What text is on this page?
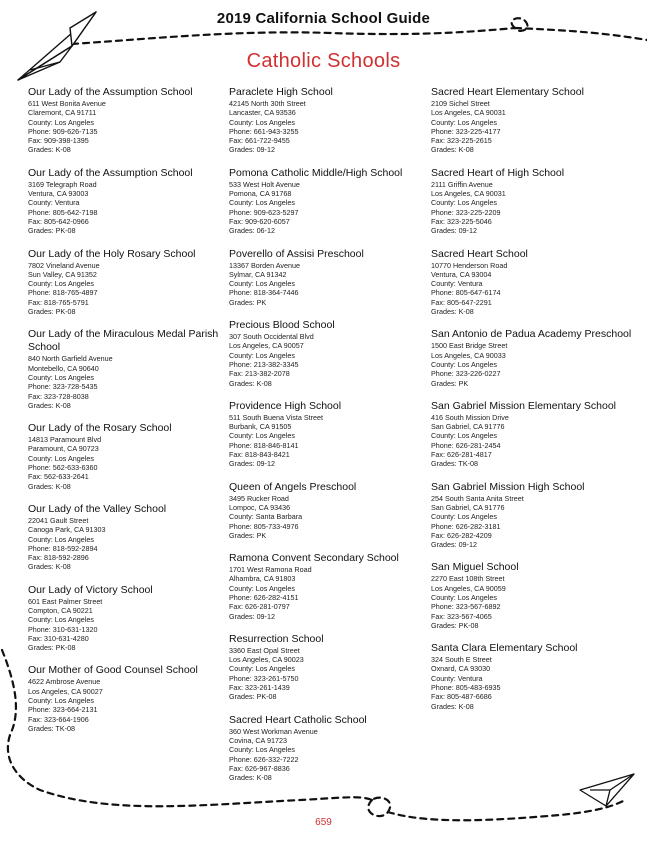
2019 California School Guide
Catholic Schools
Our Lady of the Assumption School
611 West Bonita Avenue
Claremont, CA 91711
County: Los Angeles
Phone: 909-626-7135
Fax: 909-398-1395
Grades: K-08
Our Lady of the Assumption School
3169 Telegraph Road
Ventura, CA 93003
County: Ventura
Phone: 805-642-7198
Fax: 805-642-0966
Grades: PK-08
Our Lady of the Holy Rosary School
7802 Vineland Avenue
Sun Valley, CA 91352
County: Los Angeles
Phone: 818-765-4897
Fax: 818-765-5791
Grades: PK-08
Our Lady of the Miraculous Medal Parish School
840 North Garfield Avenue
Montebello, CA 90640
County: Los Angeles
Phone: 323-728-5435
Fax: 323-728-8038
Grades: K-08
Our Lady of the Rosary School
14813 Paramount Blvd
Paramount, CA 90723
County: Los Angeles
Phone: 562-633-6360
Fax: 562-633-2641
Grades: K-08
Our Lady of the Valley School
22041 Gault Street
Canoga Park, CA 91303
County: Los Angeles
Phone: 818-592-2894
Fax: 818-592-2896
Grades: K-08
Our Lady of Victory School
601 East Palmer Street
Compton, CA 90221
County: Los Angeles
Phone: 310-631-1320
Fax: 310-631-4280
Grades: PK-08
Our Mother of Good Counsel School
4622 Ambrose Avenue
Los Angeles, CA 90027
County: Los Angeles
Phone: 323-664-2131
Fax: 323-664-1906
Grades: TK-08
Paraclete High School
42145 North 30th Street
Lancaster, CA 93536
County: Los Angeles
Phone: 661-943-3255
Fax: 661-722-9455
Grades: 09-12
Pomona Catholic Middle/High School
533 West Holt Avenue
Pomona, CA 91768
County: Los Angeles
Phone: 909-623-5297
Fax: 909-620-6057
Grades: 06-12
Poverello of Assisi Preschool
13367 Borden Avenue
Sylmar, CA 91342
County: Los Angeles
Phone: 818-364-7446
Grades: PK
Precious Blood School
307 South Occidental Blvd
Los Angeles, CA 90057
County: Los Angeles
Phone: 213-382-3345
Fax: 213-382-2078
Grades: K-08
Providence High School
511 South Buena Vista Street
Burbank, CA 91505
County: Los Angeles
Phone: 818-846-8141
Fax: 818-843-8421
Grades: 09-12
Queen of Angels Preschool
3495 Rucker Road
Lompoc, CA 93436
County: Santa Barbara
Phone: 805-733-4976
Grades: PK
Ramona Convent Secondary School
1701 West Ramona Road
Alhambra, CA 91803
County: Los Angeles
Phone: 626-282-4151
Fax: 626-281-0797
Grades: 09-12
Resurrection School
3360 East Opal Street
Los Angeles, CA 90023
County: Los Angeles
Phone: 323-261-5750
Fax: 323-261-1439
Grades: PK-08
Sacred Heart Catholic School
360 West Workman Avenue
Covina, CA 91723
County: Los Angeles
Phone: 626-332-7222
Fax: 626-967-8836
Grades: K-08
Sacred Heart Elementary School
2109 Sichel Street
Los Angeles, CA 90031
County: Los Angeles
Phone: 323-225-4177
Fax: 323-225-2615
Grades: K-08
Sacred Heart of High School
2111 Griffin Avenue
Los Angeles, CA 90031
County: Los Angeles
Phone: 323-225-2209
Fax: 323-225-5046
Grades: 09-12
Sacred Heart School
10770 Henderson Road
Ventura, CA 93004
County: Ventura
Phone: 805-647-6174
Fax: 805-647-2291
Grades: K-08
San Antonio de Padua Academy Preschool
1500 East Bridge Street
Los Angeles, CA 90033
County: Los Angeles
Phone: 323-226-0227
Grades: PK
San Gabriel Mission Elementary School
416 South Mission Drive
San Gabriel, CA 91776
County: Los Angeles
Phone: 626-281-2454
Fax: 626-281-4817
Grades: TK-08
San Gabriel Mission High School
254 South Santa Anita Street
San Gabriel, CA 91776
County: Los Angeles
Phone: 626-282-3181
Fax: 626-282-4209
Grades: 09-12
San Miguel School
2270 East 108th Street
Los Angeles, CA 90059
County: Los Angeles
Phone: 323-567-6892
Fax: 323-567-4065
Grades: PK-08
Santa Clara Elementary School
324 South E Street
Oxnard, CA 93030
County: Ventura
Phone: 805-483-6935
Fax: 805-487-6686
Grades: K-08
659
